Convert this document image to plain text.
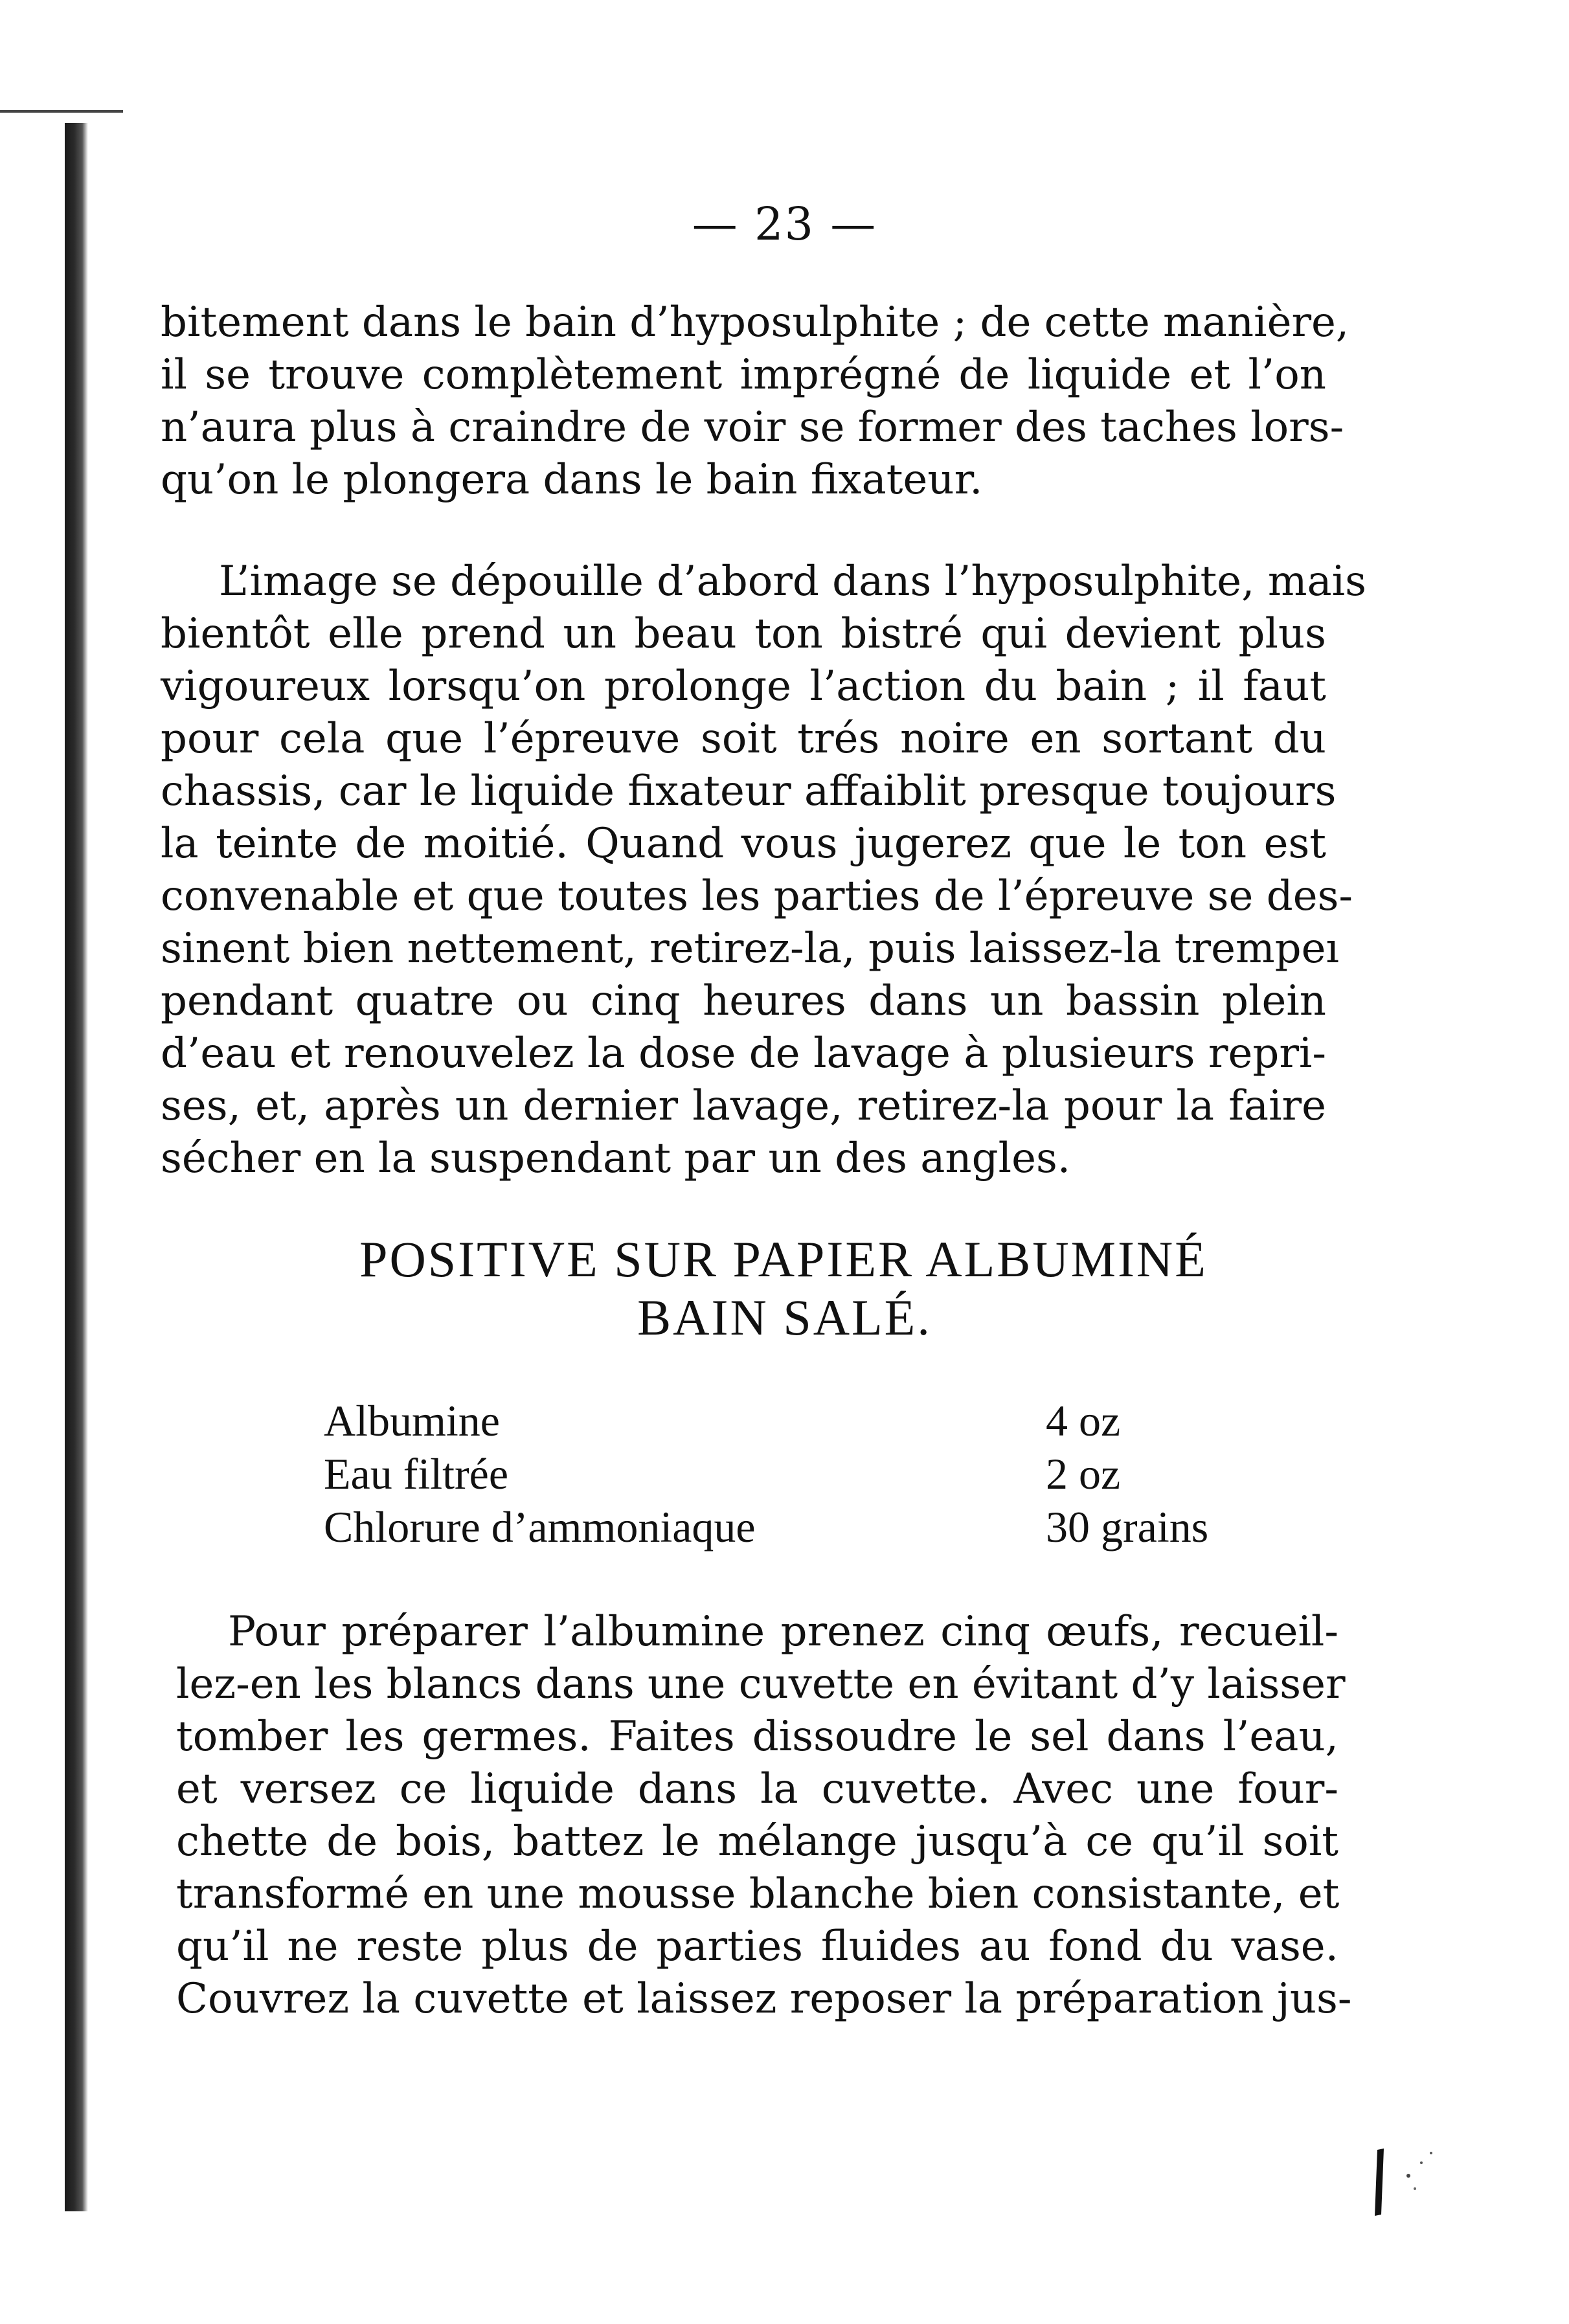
— 23 —
bitement dans le bain d’hyposulphite ; de cette manière,
il se trouve complètement imprégné de liquide et l’on
n’aura plus à craindre de voir se former des taches lors-
qu’on le plongera dans le bain fixateur.
L’image se dépouille d’abord dans l’hyposulphite, mais
bientôt elle prend un beau ton bistré qui devient plus
vigoureux lorsqu’on prolonge l’action du bain ; il faut
pour cela que l’épreuve soit trés noire en sortant du
chassis, car le liquide fixateur affaiblit presque toujours
la teinte de moitié. Quand vous jugerez que le ton est
convenable et que toutes les parties de l’épreuve se des-
sinent bien nettement, retirez-la, puis laissez-la trempeı
pendant quatre ou cinq heures dans un bassin plein
d’eau et renouvelez la dose de lavage à plusieurs repri-
ses, et, après un dernier lavage, retirez-la pour la faire
sécher en la suspendant par un des angles.
POSITIVE SUR PAPIER ALBUMINÉ
BAIN SALÉ.
Albumine	4 oz
Eau filtrée	2 oz
Chlorure d’ammoniaque	30 grains
Pour préparer l’albumine prenez cinq œufs, recueil-
lez-en les blancs dans une cuvette en évitant d’y laisser
tomber les germes. Faites dissoudre le sel dans l’eau,
et versez ce liquide dans la cuvette. Avec une four-
chette de bois, battez le mélange jusqu’à ce qu’il soit
transformé en une mousse blanche bien consistante, et
qu’il ne reste plus de parties fluides au fond du vase.
Couvrez la cuvette et laissez reposer la préparation jus-
